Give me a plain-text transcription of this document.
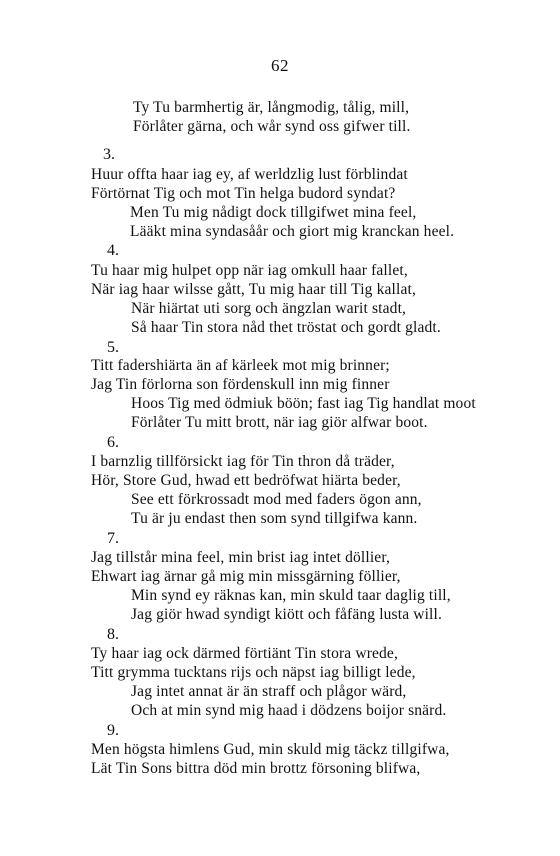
62
Ty Tu barmhertig är, långmodig, tålig, mill,
Förlåter gärna, och wår synd oss gifwer till.
3.
Huur offta haar iag ey, af werldzlig lust förblindat
Förtörnat Tig och mot Tin helga budord syndat?
Men Tu mig nådigt dock tillgifwet mina feel,
Lääkt mina syndasåår och giort mig kranckan heel.
4.
Tu haar mig hulpet opp när iag omkull haar fallet,
När iag haar wilsse gått, Tu mig haar till Tig kallat,
När hiärtat uti sorg och ängzlan warit stadt,
Så haar Tin stora nåd thet tröstat och gordt gladt.
5.
Titt fadershiärta än af kärleek mot mig brinner;
Jag Tin förlorna son fördenskull inn mig finner
Hoos Tig med ödmiuk böön; fast iag Tig handlat moot
Förlåter Tu mitt brott, när iag giör alfwar boot.
6.
I barnzlig tillförsickt iag för Tin thron då träder,
Hör, Store Gud, hwad ett bedröfwat hiärta beder,
See ett förkrossadt mod med faders ögon ann,
Tu är ju endast then som synd tillgifwa kann.
7.
Jag tillstår mina feel, min brist iag intet döllier,
Ehwart iag ärnar gå mig min missgärning föllier,
Min synd ey räknas kan, min skuld taar daglig till,
Jag giör hwad syndigt kiött och fåfäng lusta will.
8.
Ty haar iag ock därmed förtiänt Tin stora wrede,
Titt grymma tucktans rijs och näpst iag billigt lede,
Jag intet annat är än straff och plågor wärd,
Och at min synd mig haad i dödzens boijor snärd.
9.
Men högsta himlens Gud, min skuld mig täckz tillgifwa,
Lät Tin Sons bittra död min brottz försoning blifwa,
